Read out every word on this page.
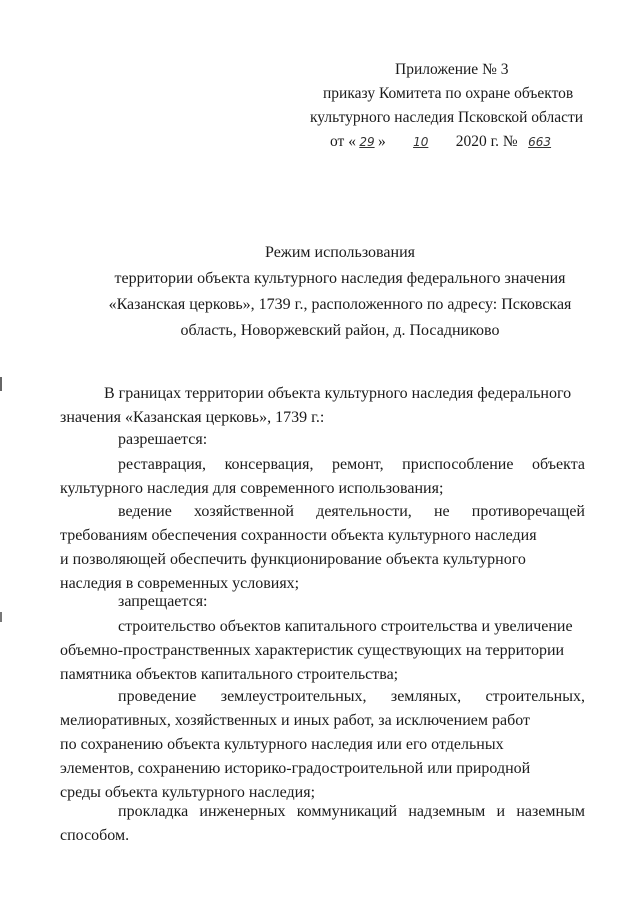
Приложение № 3
приказу Комитета по охране объектов
культурного наследия Псковской области
от « 29 » 10 2020 г. № 663
Режим использования
территории объекта культурного наследия федерального значения
«Казанская церковь», 1739 г., расположенного по адресу: Псковская
область, Новоржевский район, д. Посадниково
В границах территории объекта культурного наследия федерального
значения «Казанская церковь», 1739 г.:
разрешается:
реставрация, консервация, ремонт, приспособление объекта
культурного наследия для современного использования;
ведение хозяйственной деятельности, не противоречащей
требованиям обеспечения сохранности объекта культурного наследия
и позволяющей обеспечить функционирование объекта культурного
наследия в современных условиях;
запрещается:
строительство объектов капитального строительства и увеличение
объемно-пространственных характеристик существующих на территории
памятника объектов капитального строительства;
проведение землеустроительных, земляных, строительных,
мелиоративных, хозяйственных и иных работ, за исключением работ
по сохранению объекта культурного наследия или его отдельных
элементов, сохранению историко-градостроительной или природной
среды объекта культурного наследия;
прокладка инженерных коммуникаций надземным и наземным
способом.
